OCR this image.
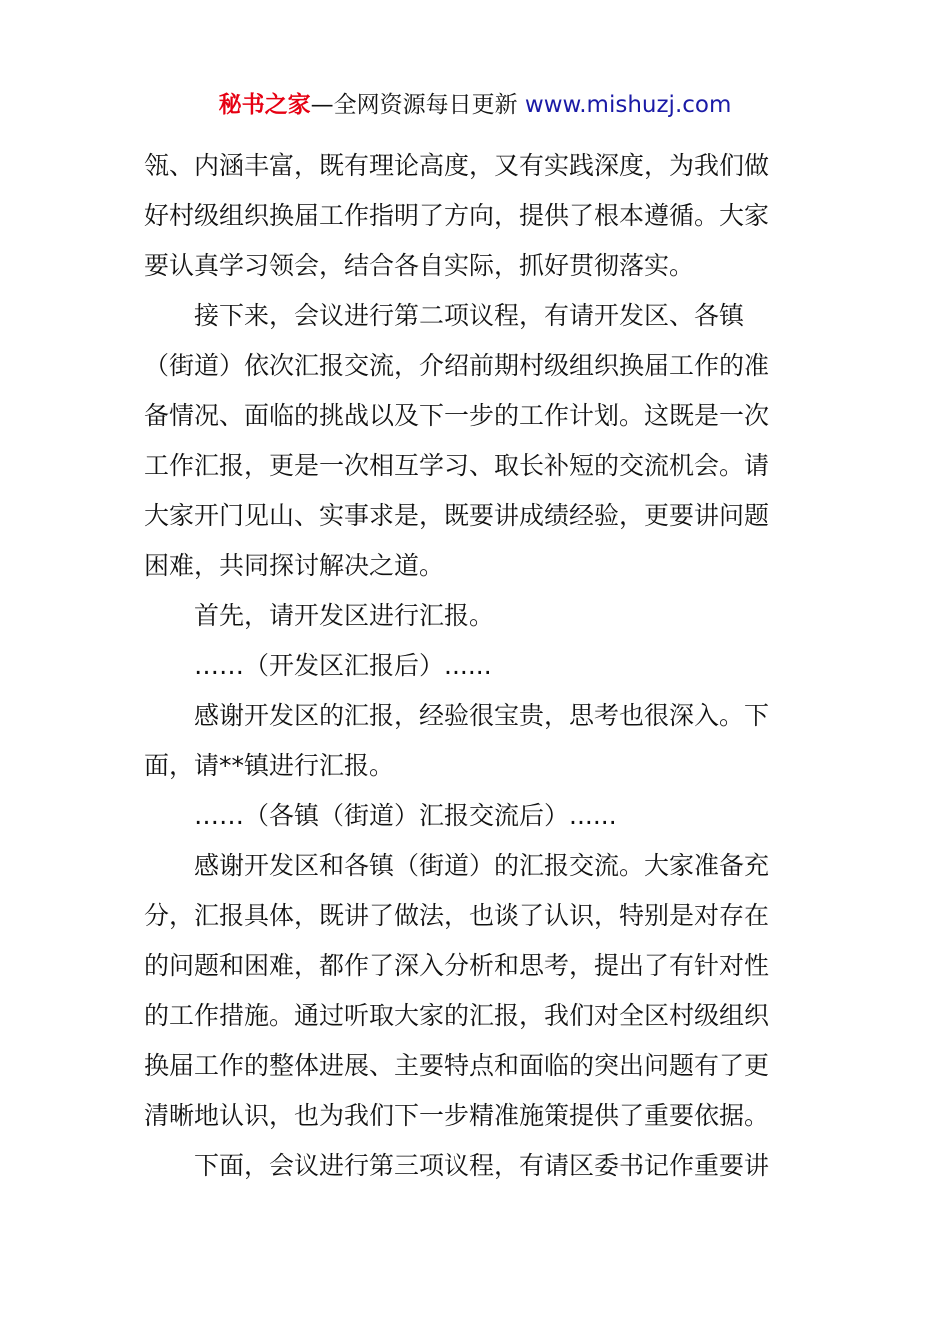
秘书之家—全网资源每日更新 www.mishuzj.com
瓴、内涵丰富，既有理论高度，又有实践深度，为我们做
好村级组织换届工作指明了方向，提供了根本遵循。大家
要认真学习领会，结合各自实际，抓好贯彻落实。
接下来，会议进行第二项议程，有请开发区、各镇
（街道）依次汇报交流，介绍前期村级组织换届工作的准
备情况、面临的挑战以及下一步的工作计划。这既是一次
工作汇报，更是一次相互学习、取长补短的交流机会。请
大家开门见山、实事求是，既要讲成绩经验，更要讲问题
困难，共同探讨解决之道。
首先，请开发区进行汇报。
……（开发区汇报后）......
感谢开发区的汇报，经验很宝贵，思考也很深入。下
面，请**镇进行汇报。
……（各镇（街道）汇报交流后）......
感谢开发区和各镇（街道）的汇报交流。大家准备充
分，汇报具体，既讲了做法，也谈了认识，特别是对存在
的问题和困难，都作了深入分析和思考，提出了有针对性
的工作措施。通过听取大家的汇报，我们对全区村级组织
换届工作的整体进展、主要特点和面临的突出问题有了更
清晰地认识，也为我们下一步精准施策提供了重要依据。
下面，会议进行第三项议程，有请区委书记作重要讲
